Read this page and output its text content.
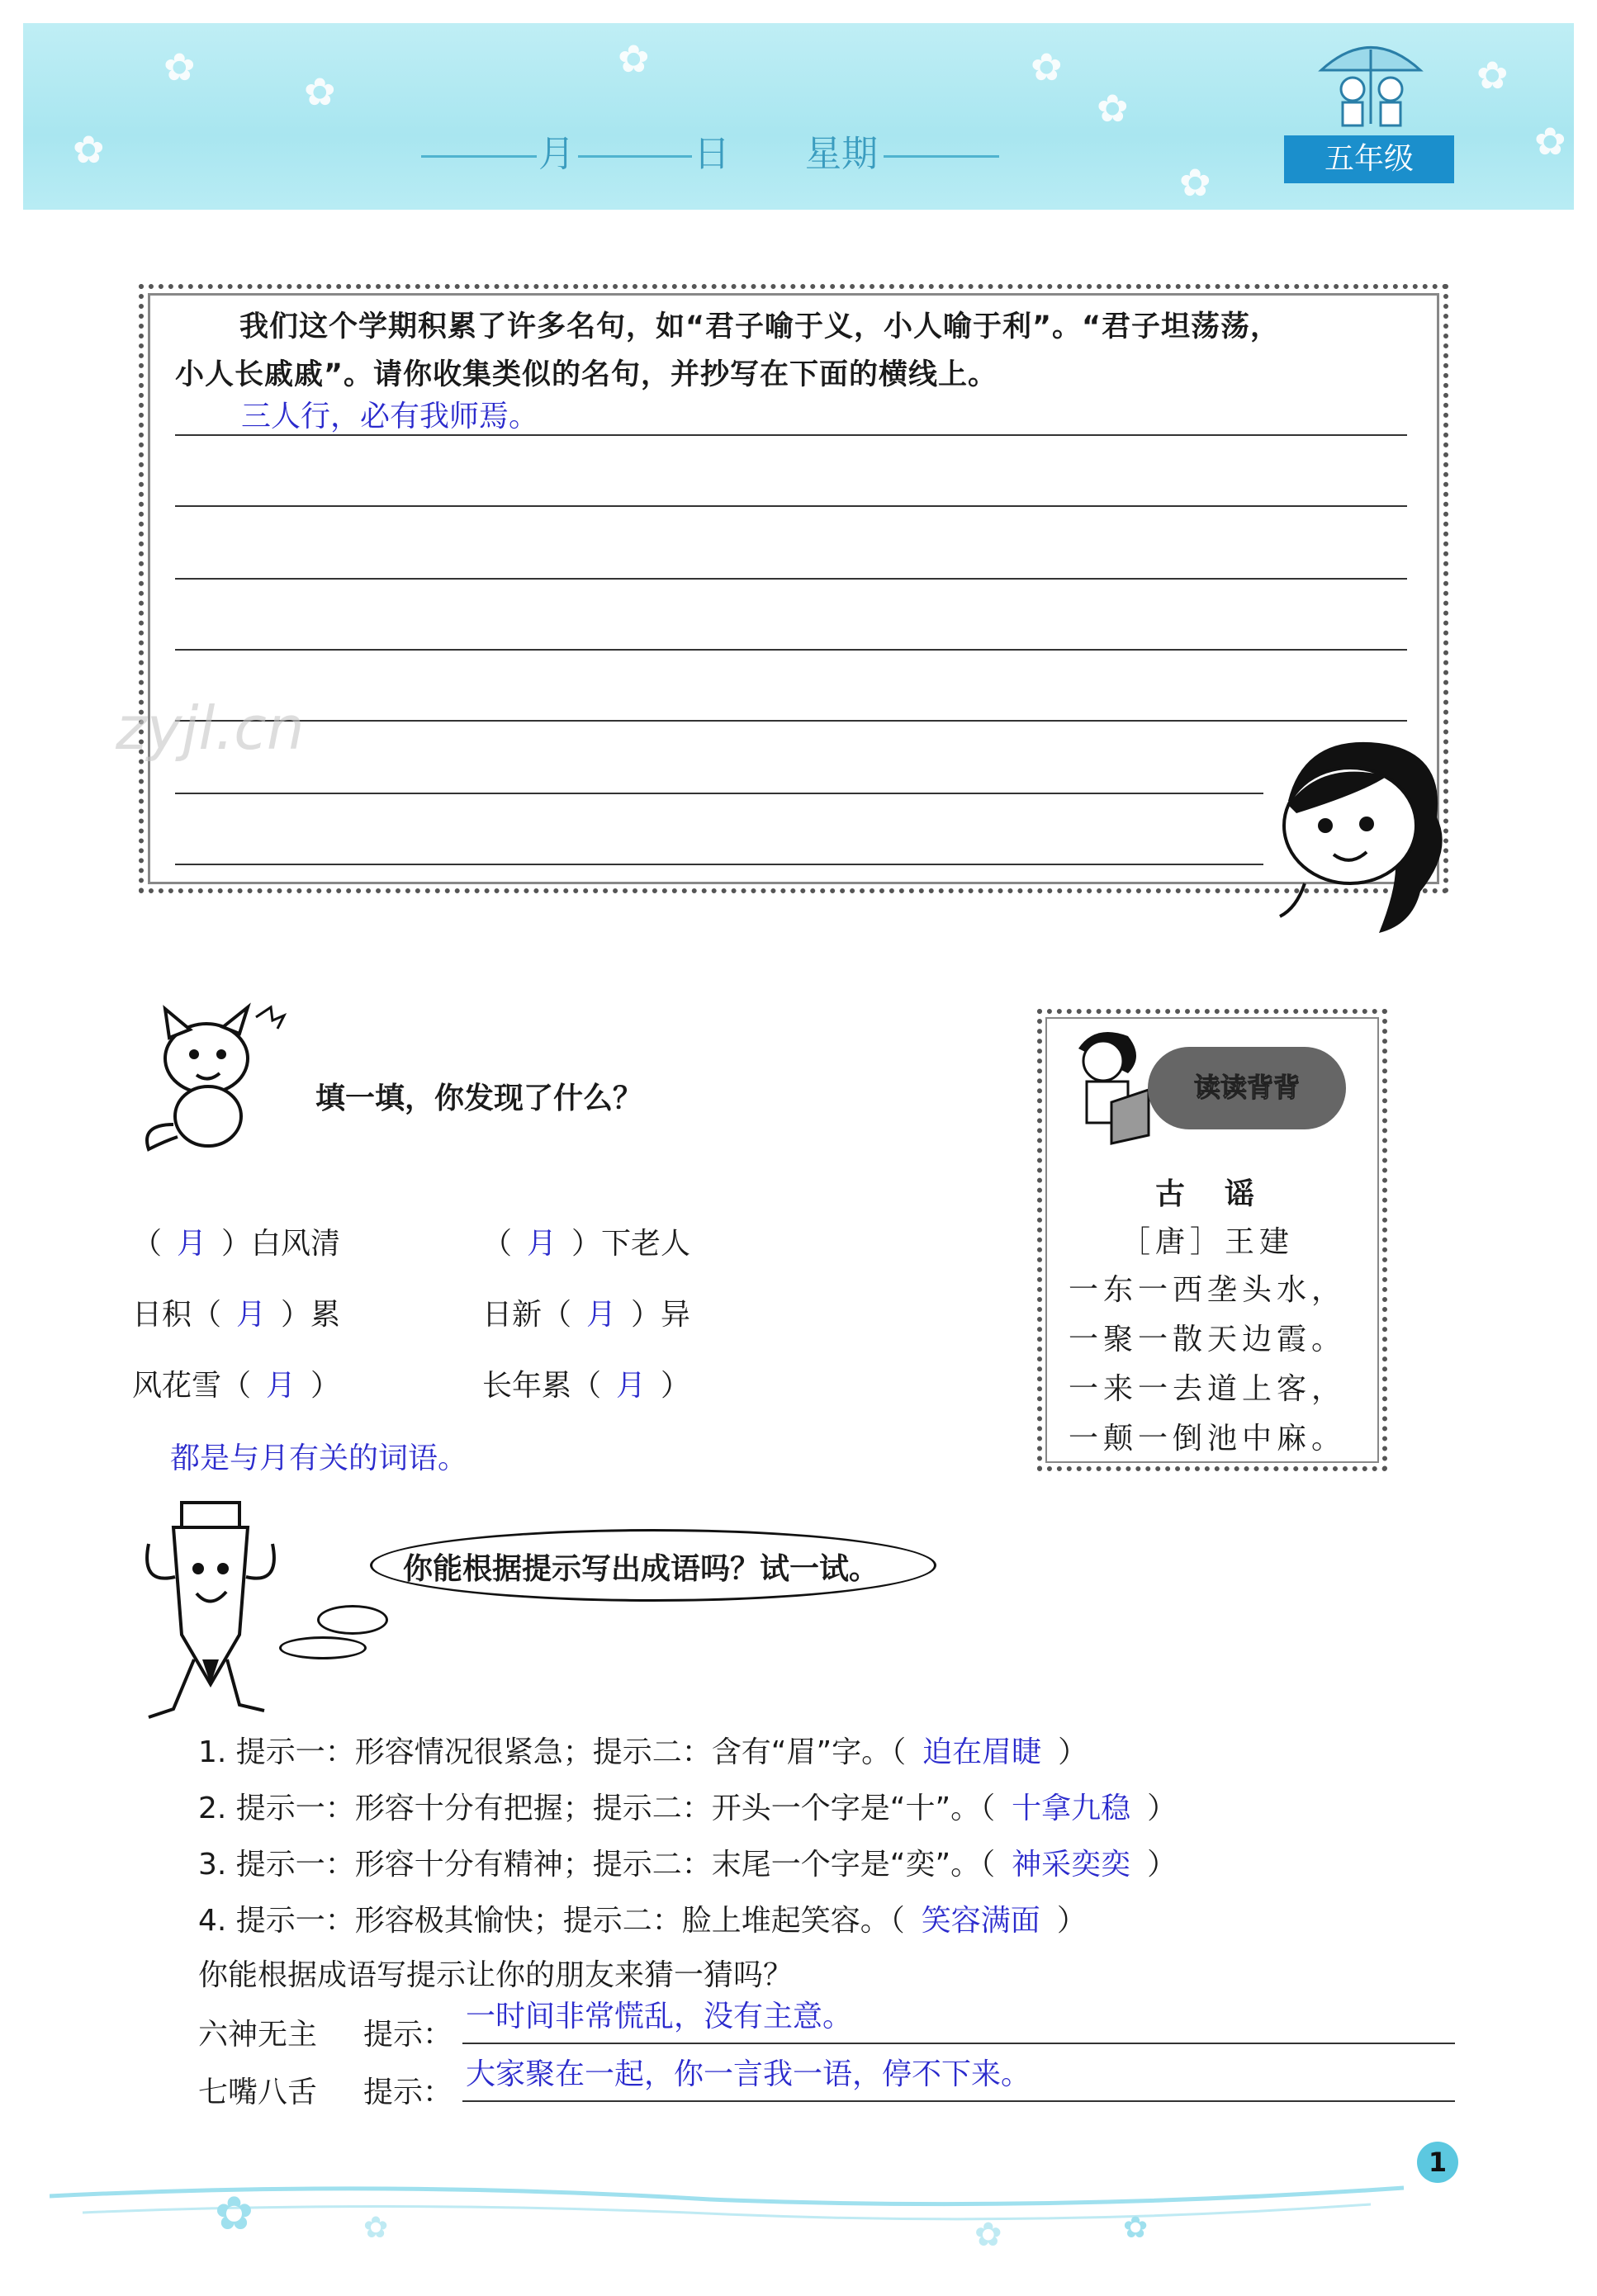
✿
✿
✿
✿	✿
✿
✿
✿
✿
月	日 星期	五年级
我们这个学期积累了许多名句，如“君子喻于义，小人喻于利”。“君子坦荡荡，
小人长戚戚”。请你收集类似的名句，并抄写在下面的横线上。
三人行，必有我师焉。
zyjl.cn
填一填，你发现了什么？
（ 月 ）白风清	（ 月 ）下老人
日积（ 月 ）累	日新（ 月 ）异
风花雪（ 月 ）	长年累（ 月 ）
都是与月有关的词语。
读读背背
古　谣
［唐］王建
一东一西垄头水，
一聚一散天边霞。
一来一去道上客，
一颠一倒池中麻。
你能根据提示写出成语吗？试一试。
1. 提示一：形容情况很紧急；提示二：含有“眉”字。（ 迫在眉睫 ）
2. 提示一：形容十分有把握；提示二：开头一个字是“十”。（ 十拿九稳 ）
3. 提示一：形容十分有精神；提示二：末尾一个字是“奕”。（ 神采奕奕 ）
4. 提示一：形容极其愉快；提示二：脸上堆起笑容。（ 笑容满面 ）
你能根据成语写提示让你的朋友来猜一猜吗？
六神无主 提示：
一时间非常慌乱，没有主意。
七嘴八舌 提示：
大家聚在一起，你一言我一语，停不下来。
✿	✿	✿	✿
1
